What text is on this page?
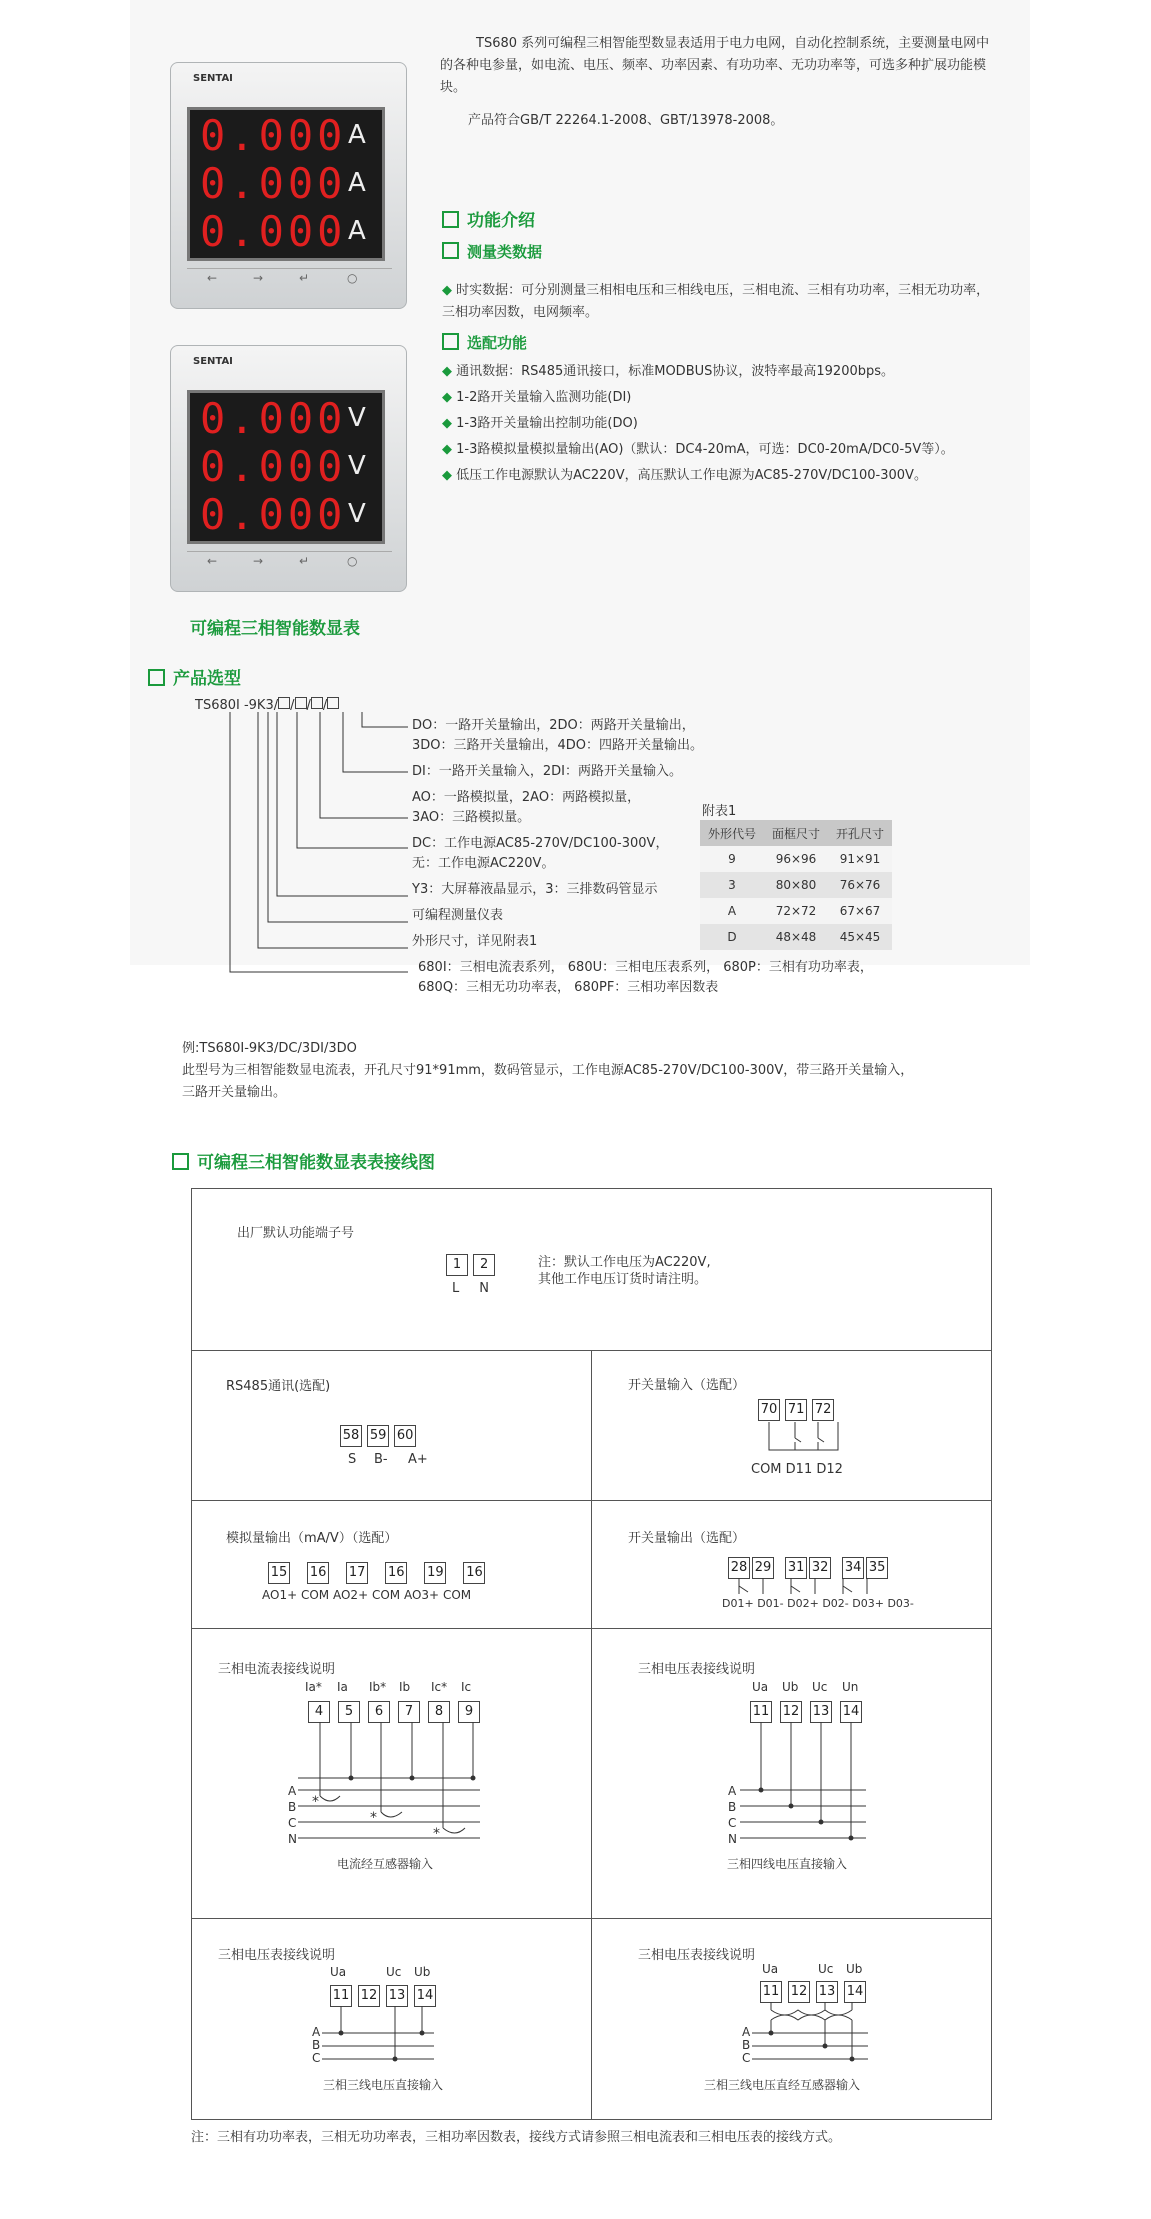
SENTAI
0.000
0.000
0.000
A
A
A
←	→	↵	○
SENTAI
0.000
0.000
0.000
V
V
V
←	→	↵	○
可编程三相智能数显表
TS680 系列可编程三相智能型数显表适用于电力电网，自动化控制系统，主要测量电网中的各种电参量，如电流、电压、频率、功率因素、有功功率、无功功率等，可选多种扩展功能模块。
产品符合GB/T 22264.1-2008、GBT/13978-2008。
功能介绍
测量类数据
◆ 时实数据：可分别测量三相相电压和三相线电压，三相电流、三相有功功率，三相无功功率，三相功率因数，电网频率。
选配功能
◆ 通讯数据：RS485通讯接口，标准MODBUS协议，波特率最高19200bps。
◆ 1-2路开关量输入监测功能(DI)
◆ 1-3路开关量输出控制功能(DO)
◆ 1-3路模拟量模拟量输出(AO)（默认：DC4-20mA，可选：DC0-20mA/DC0-5V等）。
◆ 低压工作电源默认为AC220V，高压默认工作电源为AC85-270V/DC100-300V。
产品选型
TS680I -9K3/ / / /
DO：一路开关量输出，2DO：两路开关量输出，
3DO：三路开关量输出，4DO：四路开关量输出。
DI：一路开关量输入，2DI：两路开关量输入。
AO：一路模拟量，2AO：两路模拟量，
3AO：三路模拟量。
DC：工作电源AC85-270V/DC100-300V，
无：工作电源AC220V。
Y3：大屏幕液晶显示，3：三排数码管显示
可编程测量仪表
外形尺寸，详见附表1
680I：三相电流表系列， 680U：三相电压表系列， 680P：三相有功功率表，
680Q：三相无功功率表， 680PF：三相功率因数表
附表1
外形代号	面框尺寸	开孔尺寸
9	96×96	91×91
3	80×80	76×76
A	72×72	67×67
D	48×48	45×45
例:TS680I-9K3/DC/3DI/3DO
此型号为三相智能数显电流表，开孔尺寸91*91mm，数码管显示，工作电源AC85-270V/DC100-300V，带三路开关量输入，
三路开关量输出。
可编程三相智能数显表表接线图
出厂默认功能端子号
1 2
L N
注：默认工作电压为AC220V,
其他工作电压订货时请注明。
RS485通讯(选配)
58 59 60
S B- A+
开关量输入（选配）
70 71 72
COM D11 D12
模拟量输出（mA/V）（选配）
15 16 17 16 19 16
AO1+ COM AO2+ COM AO3+ COM
开关量输出（选配）
28 29 31 32 34 35
D01+ D01- D02+ D02- D03+ D03-
三相电流表接线说明
Ia* Ia Ib* Ib Ic* Ic
4 5 6 7 8 9
A
B
C
N
*
*
*
电流经互感器输入
三相电压表接线说明
Ua Ub Uc Un
11 12 13 14
A
B
C
N
三相四线电压直接输入
三相电压表接线说明
Ua	Uc Ub
11 12 13 14
A
B
C
三相三线电压直接输入
三相电压表接线说明
Ua	Uc Ub
11 12 13 14
A
B
C
三相三线电压直经互感器输入
注：三相有功功率表，三相无功功率表，三相功率因数表，接线方式请参照三相电流表和三相电压表的接线方式。
